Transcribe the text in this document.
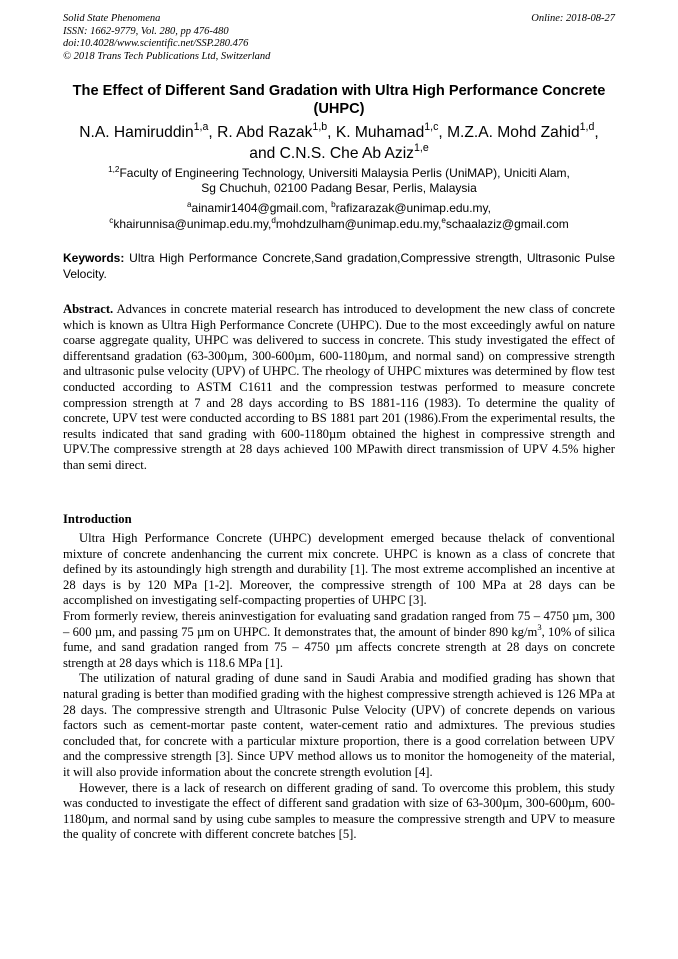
Solid State Phenomena
ISSN: 1662-9779, Vol. 280, pp 476-480
doi:10.4028/www.scientific.net/SSP.280.476
© 2018 Trans Tech Publications Ltd, Switzerland
Online: 2018-08-27
The Effect of Different Sand Gradation with Ultra High Performance Concrete (UHPC)
N.A. Hamiruddin$^{1,a}$, R. Abd Razak$^{1,b}$, K. Muhamad$^{1,c}$, M.Z.A. Mohd Zahid$^{1,d}$,
and C.N.S. Che Ab Aziz$^{1,e}$
$^{1,2}$Faculty of Engineering Technology, Universiti Malaysia Perlis (UniMAP), Uniciti Alam,
Sg Chuchuh, 02100 Padang Besar, Perlis, Malaysia
$^a$ainamir1404@gmail.com, $^b$rafizarazak@unimap.edu.my,
$^c$khairunnisa@unimap.edu.my,$^d$mohdzulham@unimap.edu.my,$^e$schaalaziz@gmail.com
Keywords: Ultra High Performance Concrete,Sand gradation,Compressive strength, Ultrasonic Pulse Velocity.
Abstract. Advances in concrete material research has introduced to development the new class of concrete which is known as Ultra High Performance Concrete (UHPC). Due to the most exceedingly awful on nature coarse aggregate quality, UHPC was delivered to success in concrete. This study investigated the effect of differentsand gradation (63-300µm, 300-600µm, 600-1180µm, and normal sand) on compressive strength and ultrasonic pulse velocity (UPV) of UHPC. The rheology of UHPC mixtures was determined by flow test conducted according to ASTM C1611 and the compression testwas performed to measure concrete compression strength at 7 and 28 days according to BS 1881-116 (1983). To determine the quality of concrete, UPV test were conducted according to BS 1881 part 201 (1986).From the experimental results, the results indicated that sand grading with 600-1180µm obtained the highest in compressive strength and UPV.The compressive strength at 28 days achieved 100 MPawith direct transmission of UPV 4.5% higher than semi direct.
Introduction

Ultra High Performance Concrete (UHPC) development emerged because thelack of conventional mixture of concrete andenhancing the current mix concrete. UHPC is known as a class of concrete that defined by its astoundingly high strength and durability [1]. The most extreme accomplished an incentive at 28 days is by 120 MPa [1-2]. Moreover, the compressive strength of 100 MPa at 28 days can be accomplished on investigating self-compacting properties of UHPC [3].

From formerly review, thereis aninvestigation for evaluating sand gradation ranged from 75 – 4750 µm, 300 – 600 µm, and passing 75 µm on UHPC. It demonstrates that, the amount of binder 890 $kg/m^3$, 10% of silica fume, and sand gradation ranged from 75 – 4750 µm affects concrete strength at 28 days on concrete strength at 28 days which is 118.6 MPa [1].

The utilization of natural grading of dune sand in Saudi Arabia and modified grading has shown that natural grading is better than modified grading with the highest compressive strength achieved is 126 MPa at 28 days. The compressive strength and Ultrasonic Pulse Velocity (UPV) of concrete depends on various factors such as cement-mortar paste content, water-cement ratio and admixtures. The previous studies concluded that, for concrete with a particular mixture proportion, there is a good correlation between UPV and the compressive strength [3]. Since UPV method allows us to monitor the homogeneity of the material, it will also provide information about the concrete strength evolution [4].

However, there is a lack of research on different grading of sand. To overcome this problem, this study was conducted to investigate the effect of different sand gradation with size of 63-300µm, 300-600µm, 600-1180µm, and normal sand by using cube samples to measure the compressive strength and UPV to measure the quality of concrete with different concrete batches [5].
